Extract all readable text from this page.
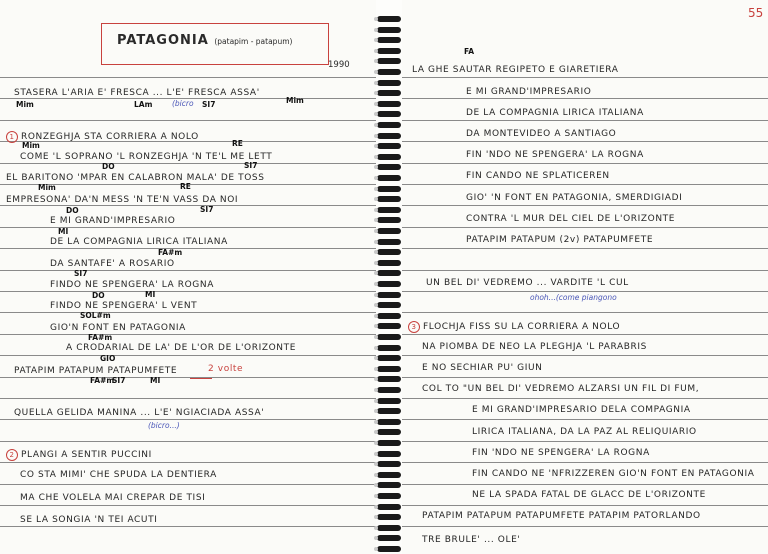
STASERA L'ARIA E' FRESCA ... L'E' FRESCA ASSA'
1 RONZEGHJA STA CORRIERA A NOLO
COME 'L SOPRANO 'L RONZEGHJA 'N TE'L ME LETT
EL BARITONO 'MPAR EN CALABRON MALA' DE TOSS
EMPRESONA' DA'N MESS 'N TE'N VASS DA NOI
E MI GRAND'IMPRESARIO
DE LA COMPAGNIA LIRICA ITALIANA
DA SANTAFE' A ROSARIO
FINDO NE SPENGERA' LA ROGNA
FINDO NE SPENGERA' L VENT
GIO'N FONT EN PATAGONIA
A CRODARIAL DE LA' DE L'OR DE L'ORIZONTE
PATAPIM PATAPUM PATAPUMFETE
QUELLA GELIDA MANINA ... L'E' NGIACIADA ASSA'
2 PLANGI A SENTIR PUCCINI
CO STA MIMI' CHE SPUDA LA DENTIERA
MA CHE VOLELA MAI CREPAR DE TISI
SE LA SONGIA 'N TEI ACUTI
Mim	LAm	SI7	Mim
Mim	RE
DO	SI7
Mim	RE
DO	SI7
MI
FA#m
SI7
MI
DO
SOL#m
FA#m
FA#m
SI7	MI
(bicro
GIO
2 volte
(bicro...)
LA GHE SAUTAR REGIPETO E GIARETIERA
E MI GRAND'IMPRESARIO
DE LA COMPAGNIA LIRICA ITALIANA
DA MONTEVIDEO A SANTIAGO
FIN 'NDO NE SPENGERA' LA ROGNA
FIN CANDO NE SPLATICEREN
GIO' 'N FONT EN PATAGONIA, SMERDIGIADI
CONTRA 'L MUR DEL CIEL DE L'ORIZONTE
PATAPIM PATAPUM (2v) PATAPUMFETE
UN BEL DI' VEDREMO ... VARDITE 'L CUL
3 FLOCHJA FISS SU LA CORRIERA A NOLO
NA PIOMBA DE NEO LA PLEGHJA 'L PARABRIS
E NO SECHIAR PU' GIUN
COL TO "UN BEL DI' VEDREMO ALZARSI UN FIL DI FUM,
E MI GRAND'IMPRESARIO DELA COMPAGNIA
LIRICA ITALIANA, DA LA PAZ AL RELIQUIARIO
FIN 'NDO NE SPENGERA' LA ROGNA
FIN CANDO NE 'NFRIZZEREN GIO'N FONT EN PATAGONIA
NE LA SPADA FATAL DE GLACC DE L'ORIZONTE
PATAPIM PATAPUM PATAPUMFETE PATAPIM PATORLANDO
TRE BRULE' ... OLE'
FA
ohoh...(come piangono
PATAGONIA (patapim - patapum)
1990
55
